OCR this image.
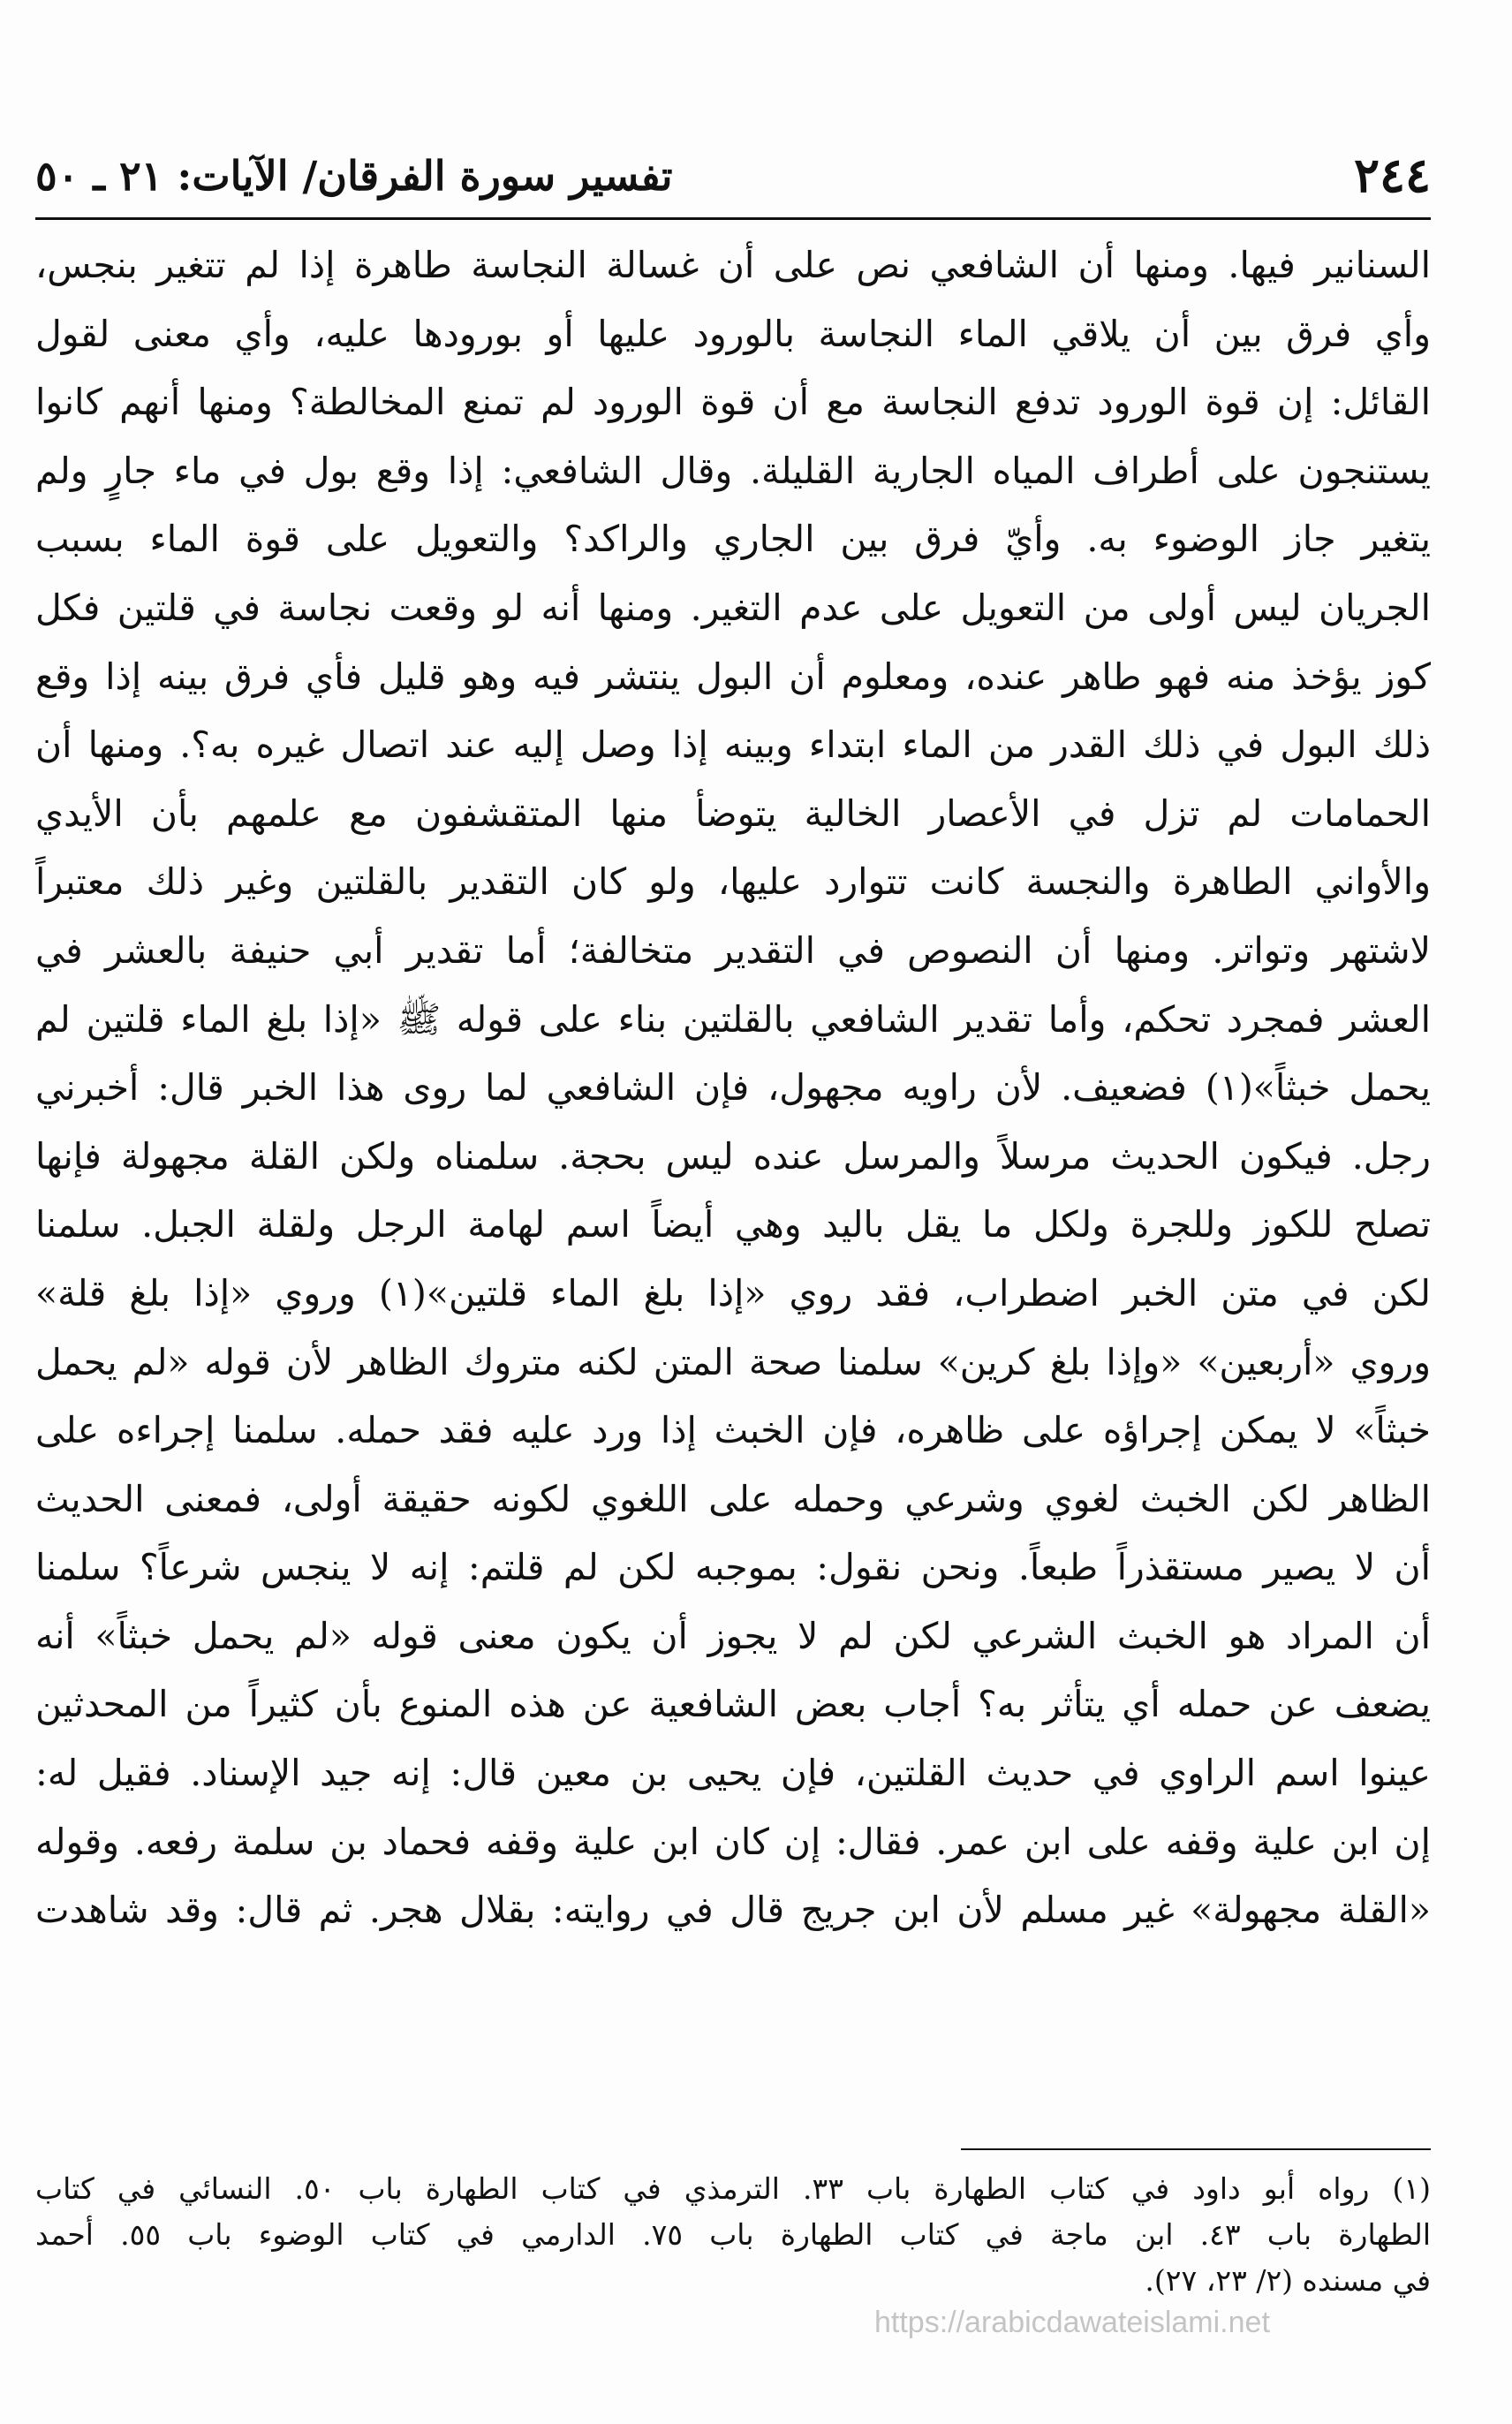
٢٤٤
تفسير سورة الفرقان/ الآيات: ٢١ ـ ٥٠
السنانير فيها. ومنها أن الشافعي نص على أن غسالة النجاسة طاهرة إذا لم تتغير بنجس،
وأي فرق بين أن يلاقي الماء النجاسة بالورود عليها أو بورودها عليه، وأي معنى لقول
القائل: إن قوة الورود تدفع النجاسة مع أن قوة الورود لم تمنع المخالطة؟ ومنها أنهم كانوا
يستنجون على أطراف المياه الجارية القليلة. وقال الشافعي: إذا وقع بول في ماء جارٍ ولم
يتغير جاز الوضوء به. وأيّ فرق بين الجاري والراكد؟ والتعويل على قوة الماء بسبب
الجريان ليس أولى من التعويل على عدم التغير. ومنها أنه لو وقعت نجاسة في قلتين فكل
كوز يؤخذ منه فهو طاهر عنده، ومعلوم أن البول ينتشر فيه وهو قليل فأي فرق بينه إذا وقع
ذلك البول في ذلك القدر من الماء ابتداء وبينه إذا وصل إليه عند اتصال غيره به؟. ومنها أن
الحمامات لم تزل في الأعصار الخالية يتوضأ منها المتقشفون مع علمهم بأن الأيدي
والأواني الطاهرة والنجسة كانت تتوارد عليها، ولو كان التقدير بالقلتين وغير ذلك معتبراً
لاشتهر وتواتر. ومنها أن النصوص في التقدير متخالفة؛ أما تقدير أبي حنيفة بالعشر في
العشر فمجرد تحكم، وأما تقدير الشافعي بالقلتين بناء على قوله ﷺ «إذا بلغ الماء قلتين لم
يحمل خبثاً»(١) فضعيف. لأن راويه مجهول، فإن الشافعي لما روى هذا الخبر قال: أخبرني
رجل. فيكون الحديث مرسلاً والمرسل عنده ليس بحجة. سلمناه ولكن القلة مجهولة فإنها
تصلح للكوز وللجرة ولكل ما يقل باليد وهي أيضاً اسم لهامة الرجل ولقلة الجبل. سلمنا
لكن في متن الخبر اضطراب، فقد روي «إذا بلغ الماء قلتين»(١) وروي «إذا بلغ قلة»
وروي «أربعين» «وإذا بلغ كرين» سلمنا صحة المتن لكنه متروك الظاهر لأن قوله «لم يحمل
خبثاً» لا يمكن إجراؤه على ظاهره، فإن الخبث إذا ورد عليه فقد حمله. سلمنا إجراءه على
الظاهر لكن الخبث لغوي وشرعي وحمله على اللغوي لكونه حقيقة أولى، فمعنى الحديث
أن لا يصير مستقذراً طبعاً. ونحن نقول: بموجبه لكن لم قلتم: إنه لا ينجس شرعاً؟ سلمنا
أن المراد هو الخبث الشرعي لكن لم لا يجوز أن يكون معنى قوله «لم يحمل خبثاً» أنه
يضعف عن حمله أي يتأثر به؟ أجاب بعض الشافعية عن هذه المنوع بأن كثيراً من المحدثين
عينوا اسم الراوي في حديث القلتين، فإن يحيى بن معين قال: إنه جيد الإسناد. فقيل له:
إن ابن علية وقفه على ابن عمر. فقال: إن كان ابن علية وقفه فحماد بن سلمة رفعه. وقوله
«القلة مجهولة» غير مسلم لأن ابن جريج قال في روايته: بقلال هجر. ثم قال: وقد شاهدت
(١) رواه أبو داود في كتاب الطهارة باب ٣٣. الترمذي في كتاب الطهارة باب ٥٠. النسائي في كتاب
الطهارة باب ٤٣. ابن ماجة في كتاب الطهارة باب ٧٥. الدارمي في كتاب الوضوء باب ٥٥. أحمد
في مسنده (٢/ ٢٣، ٢٧).
https://arabicdawateislami.net
